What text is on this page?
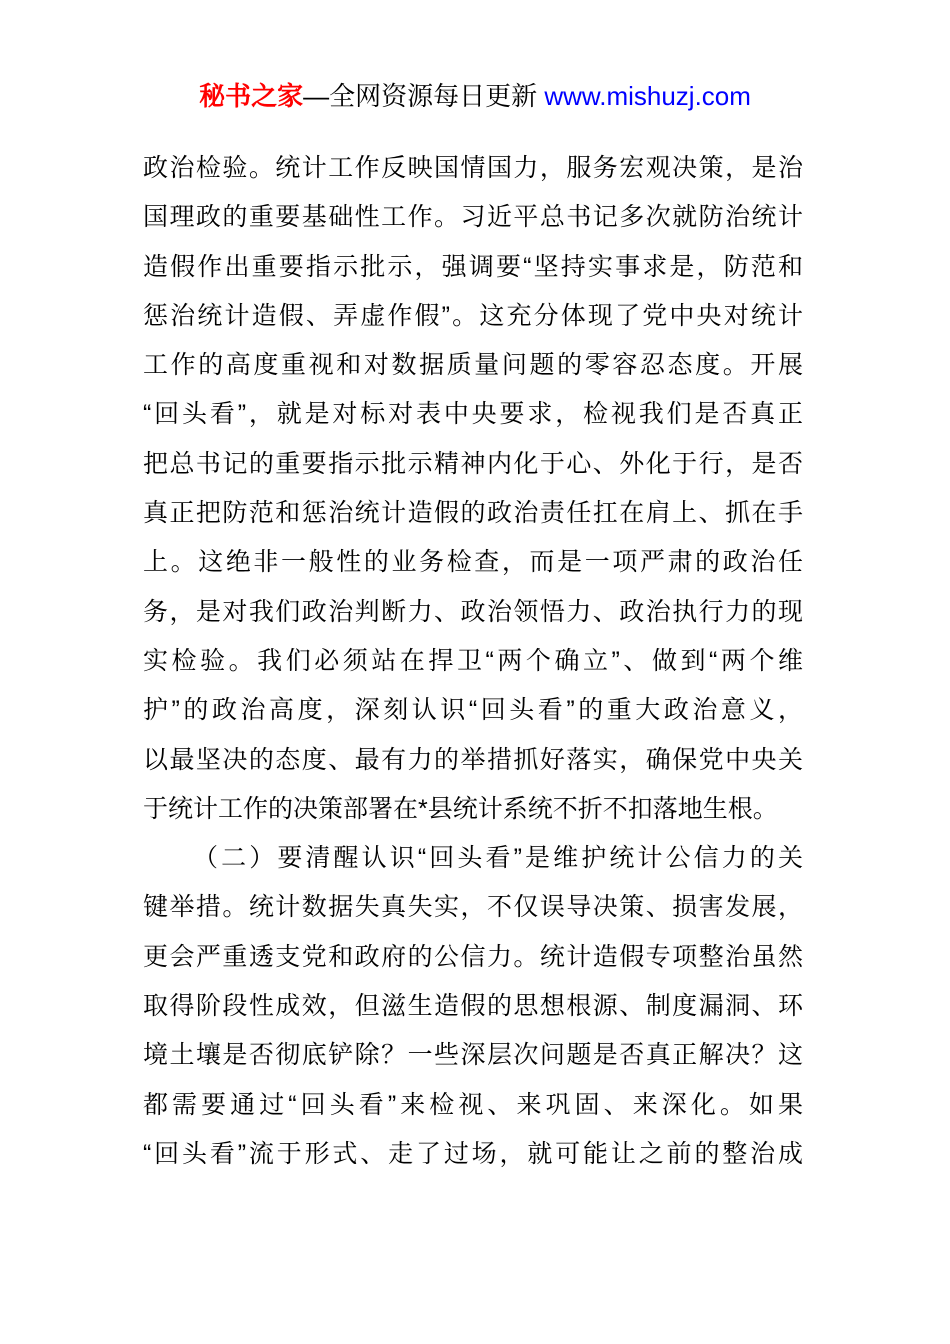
秘书之家—全网资源每日更新 www.mishuzj.com
政治检验。统计工作反映国情国力，服务宏观决策，是治
国理政的重要基础性工作。习近平总书记多次就防治统计
造假作出重要指示批示，强调要“坚持实事求是，防范和
惩治统计造假、弄虚作假”。这充分体现了党中央对统计
工作的高度重视和对数据质量问题的零容忍态度。开展
“回头看”，就是对标对表中央要求，检视我们是否真正
把总书记的重要指示批示精神内化于心、外化于行，是否
真正把防范和惩治统计造假的政治责任扛在肩上、抓在手
上。这绝非一般性的业务检查，而是一项严肃的政治任
务，是对我们政治判断力、政治领悟力、政治执行力的现
实检验。我们必须站在捍卫“两个确立”、做到“两个维
护”的政治高度，深刻认识“回头看”的重大政治意义，
以最坚决的态度、最有力的举措抓好落实，确保党中央关
于统计工作的决策部署在*县统计系统不折不扣落地生根。
（二）要清醒认识“回头看”是维护统计公信力的关
键举措。统计数据失真失实，不仅误导决策、损害发展，
更会严重透支党和政府的公信力。统计造假专项整治虽然
取得阶段性成效，但滋生造假的思想根源、制度漏洞、环
境土壤是否彻底铲除？一些深层次问题是否真正解决？这
都需要通过“回头看”来检视、来巩固、来深化。如果
“回头看”流于形式、走了过场，就可能让之前的整治成
